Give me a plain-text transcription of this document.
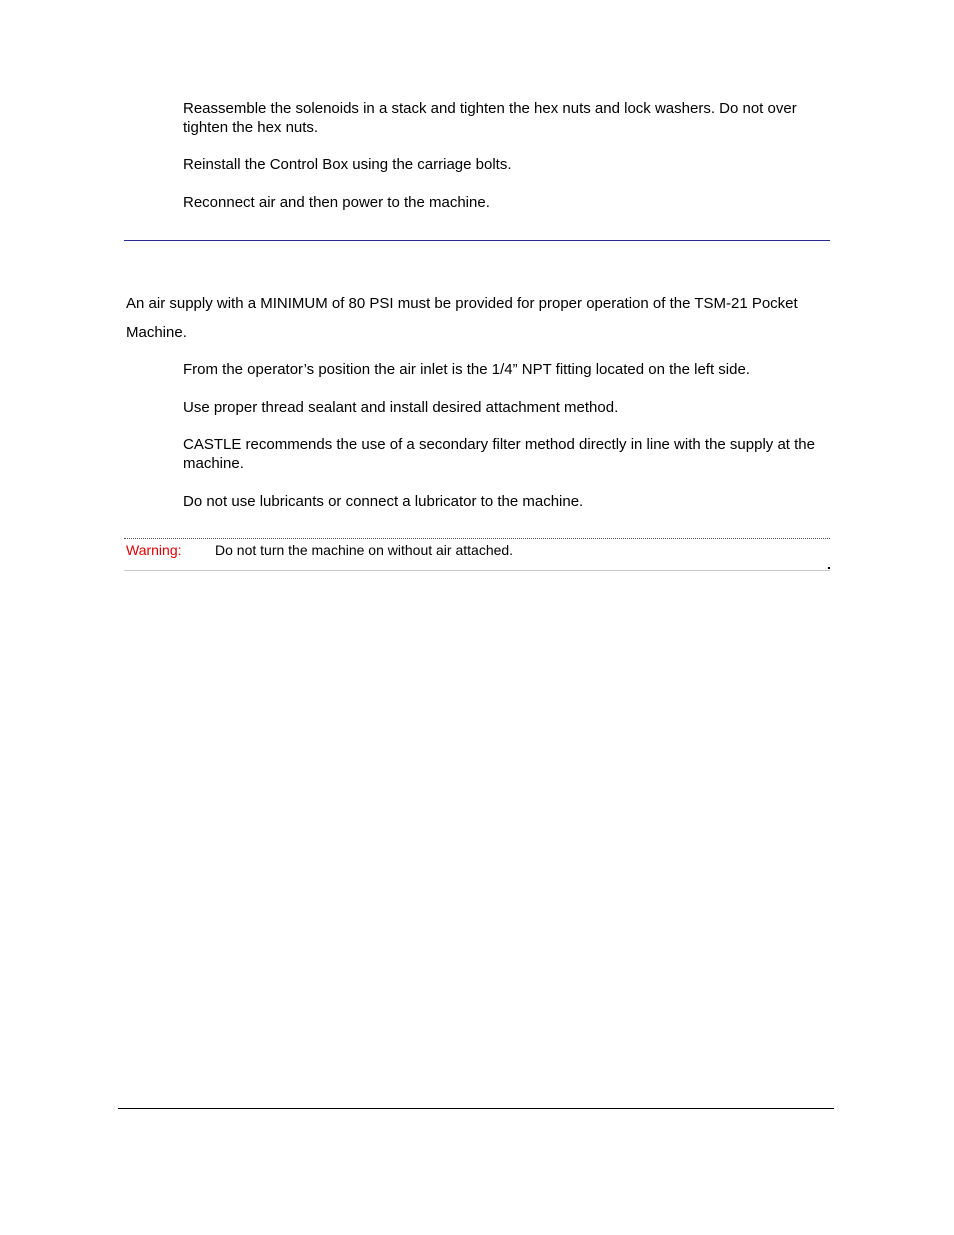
Reassemble the solenoids in a stack and tighten the hex nuts and lock washers. Do not over tighten the hex nuts.

Reinstall the Control Box using the carriage bolts.

Reconnect air and then power to the machine.

An air supply with a MINIMUM of 80 PSI must be provided for proper operation of the TSM-21 Pocket Machine.

From the operator’s position the air inlet is the 1/4” NPT fitting located on the left side.

Use proper thread sealant and install desired attachment method.

CASTLE recommends the use of a secondary filter method directly in line with the supply at the machine.

Do not use lubricants or connect a lubricator to the machine.

Warning: Do not turn the machine on without air attached.
